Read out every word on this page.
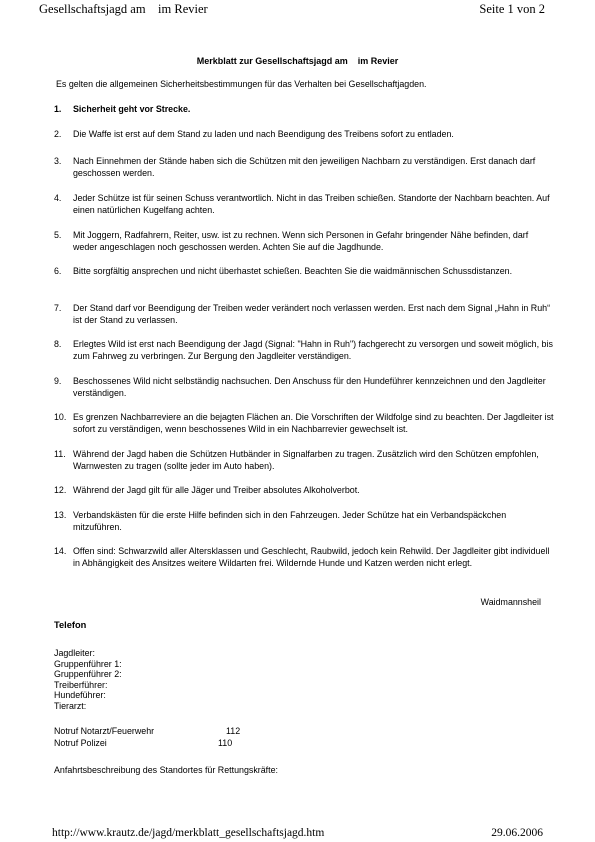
Gesellschaftsjagd am    im Revier	Seite 1 von 2
Merkblatt zur Gesellschaftsjagd am    im Revier
Es gelten die allgemeinen Sicherheitsbestimmungen für das Verhalten bei Gesellschaftjagden.
1. Sicherheit geht vor Strecke.
2. Die Waffe ist erst auf dem Stand zu laden und nach Beendigung des Treibens sofort zu entladen.
3. Nach Einnehmen der Stände haben sich die Schützen mit den jeweiligen Nachbarn zu verständigen. Erst danach darf geschossen werden.
4. Jeder Schütze ist für seinen Schuss verantwortlich. Nicht in das Treiben schießen. Standorte der Nachbarn beachten. Auf einen natürlichen Kugelfang achten.
5. Mit Joggern, Radfahrern, Reiter, usw. ist zu rechnen. Wenn sich Personen in Gefahr bringender Nähe befinden, darf weder angeschlagen noch geschossen werden. Achten Sie auf die Jagdhunde.
6. Bitte sorgfältig ansprechen und nicht überhastet schießen. Beachten Sie die waidmännischen Schussdistanzen.
7. Der Stand darf vor Beendigung der Treiben weder verändert noch verlassen werden. Erst nach dem Signal „Hahn in Ruh“ ist der Stand zu verlassen.
8. Erlegtes Wild ist erst nach Beendigung der Jagd (Signal: "Hahn in Ruh") fachgerecht zu versorgen und soweit möglich, bis zum Fahrweg zu verbringen. Zur Bergung den Jagdleiter verständigen.
9. Beschossenes Wild nicht selbständig nachsuchen. Den Anschuss für den Hundeführer kennzeichnen und den Jagdleiter verständigen.
10. Es grenzen Nachbarreviere an die bejagten Flächen an. Die Vorschriften der Wildfolge sind zu beachten. Der Jagdleiter ist sofort zu verständigen, wenn beschossenes Wild in ein Nachbarrevier gewechselt ist.
11. Während der Jagd haben die Schützen Hutbänder in Signalfarben zu tragen. Zusätzlich wird den Schützen empfohlen, Warnwesten zu tragen (sollte jeder im Auto haben).
12. Während der Jagd gilt für alle Jäger und Treiber absolutes Alkoholverbot.
13. Verbandskästen für die erste Hilfe befinden sich in den Fahrzeugen. Jeder Schütze hat ein Verbandspäckchen mitzuführen.
14. Offen sind: Schwarzwild aller Altersklassen und Geschlecht, Raubwild, jedoch kein Rehwild. Der Jagdleiter gibt individuell in Abhängigkeit des Ansitzes weitere Wildarten frei. Wildernde Hunde und Katzen werden nicht erlegt.
Waidmannsheil
Telefon
Jagdleiter:
Gruppenführer 1:
Gruppenführer 2:
Treiberführer:
Hundeführer:
Tierarzt:
Notruf Notarzt/Feuerwehr	112
Notruf Polizei	110
Anfahrtsbeschreibung des Standortes für Rettungskräfte:
http://www.krautz.de/jagd/merkblatt_gesellschaftsjagd.htm	29.06.2006
